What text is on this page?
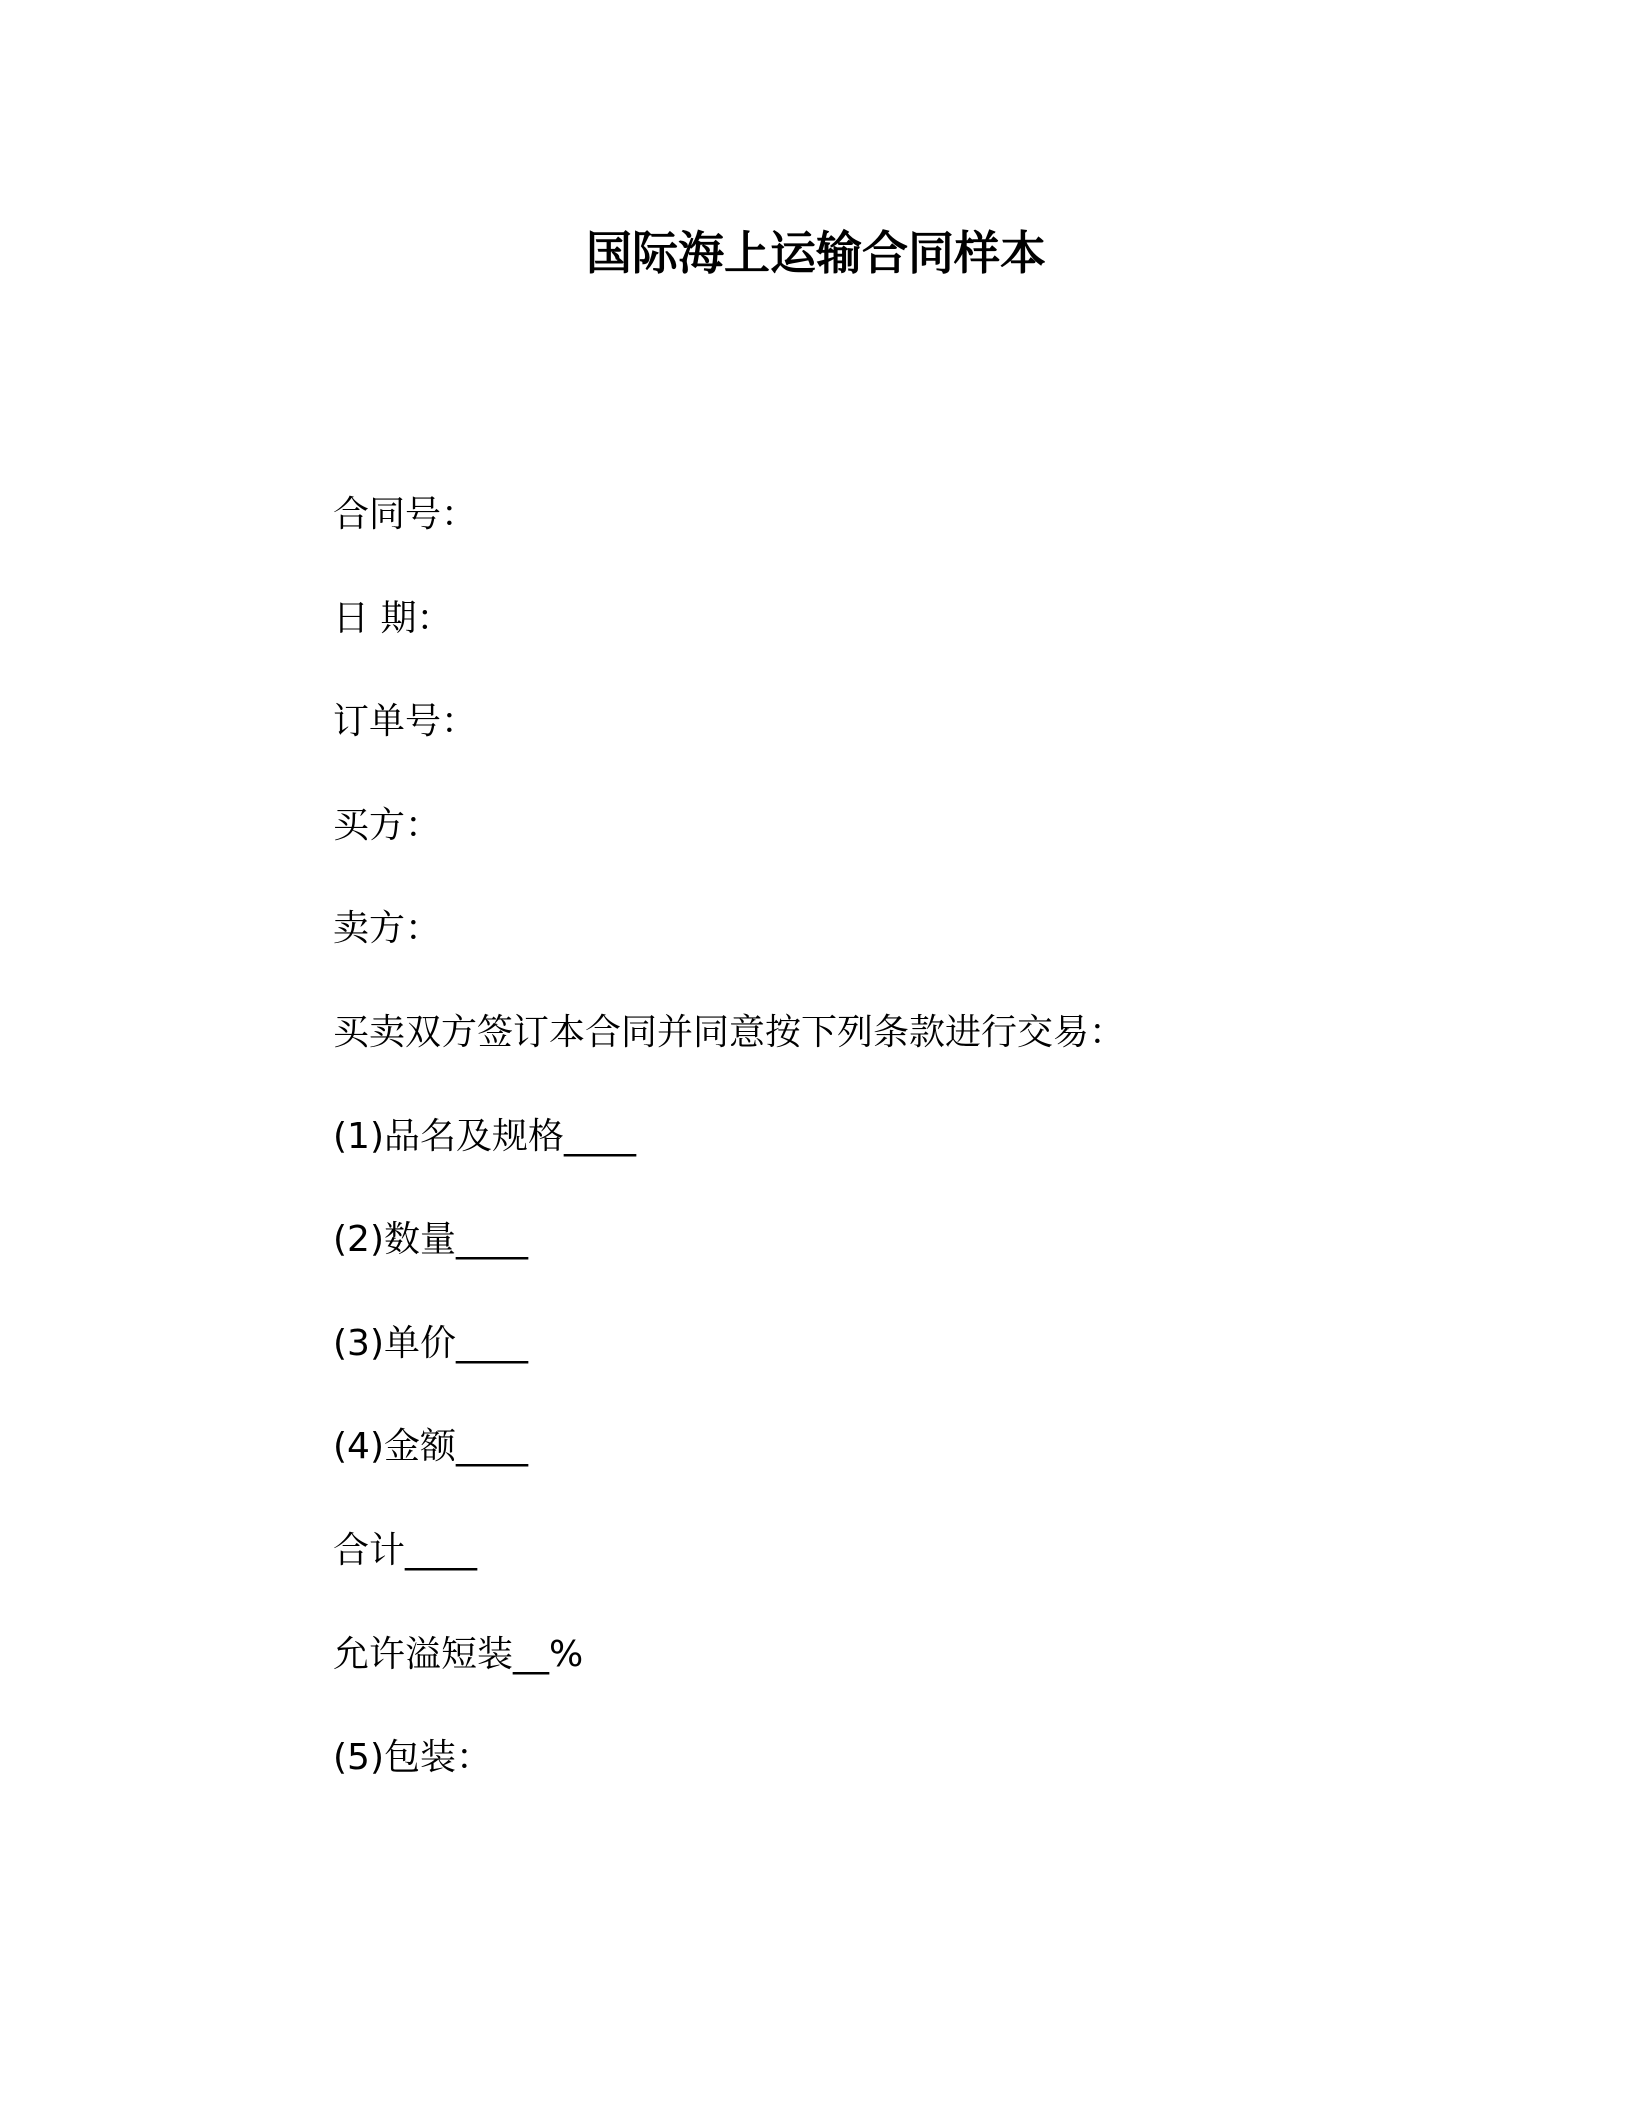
国际海上运输合同样本
合同号：
日 期：
订单号：
买方：
卖方：
买卖双方签订本合同并同意按下列条款进行交易：
(1)品名及规格____
(2)数量____
(3)单价____
(4)金额____
合计____
允许溢短装__%
(5)包装：
